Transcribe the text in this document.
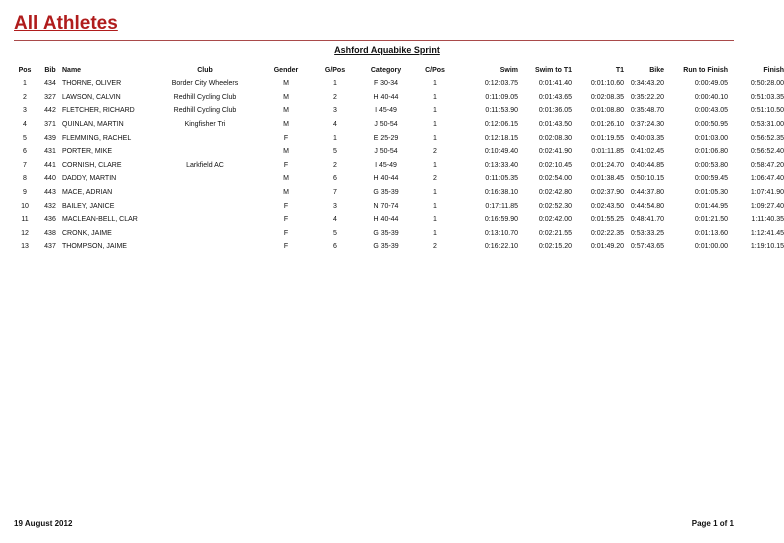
All Athletes
Ashford Aquabike Sprint
Pos	Bib	Name	Club	Gender	G/Pos	Category	C/Pos	Swim	Swim to T1	T1	Bike	Run to Finish	Finish
1	434	THORNE, OLIVER	Border City Wheelers	M	1	F 30-34	1	0:12:03.75	0:01:41.40	0:01:10.60	0:34:43.20	0:00:49.05	0:50:28.00
2	327	LAWSON, CALVIN	Redhill Cycling Club	M	2	H 40-44	1	0:11:09.05	0:01:43.65	0:02:08.35	0:35:22.20	0:00:40.10	0:51:03.35
3	442	FLETCHER, RICHARD	Redhill Cycling Club	M	3	I 45-49	1	0:11:53.90	0:01:36.05	0:01:08.80	0:35:48.70	0:00:43.05	0:51:10.50
4	371	QUINLAN, MARTIN	Kingfisher Tri	M	4	J 50-54	1	0:12:06.15	0:01:43.50	0:01:26.10	0:37:24.30	0:00:50.95	0:53:31.00
5	439	FLEMMING, RACHEL		F	1	E 25-29	1	0:12:18.15	0:02:08.30	0:01:19.55	0:40:03.35	0:01:03.00	0:56:52.35
6	431	PORTER, MIKE		M	5	J 50-54	2	0:10:49.40	0:02:41.90	0:01:11.85	0:41:02.45	0:01:06.80	0:56:52.40
7	441	CORNISH, CLARE	Larkfield AC	F	2	I 45-49	1	0:13:33.40	0:02:10.45	0:01:24.70	0:40:44.85	0:00:53.80	0:58:47.20
8	440	DADDY, MARTIN		M	6	H 40-44	2	0:11:05.35	0:02:54.00	0:01:38.45	0:50:10.15	0:00:59.45	1:06:47.40
9	443	MACE, ADRIAN		M	7	G 35-39	1	0:16:38.10	0:02:42.80	0:02:37.90	0:44:37.80	0:01:05.30	1:07:41.90
10	432	BAILEY, JANICE		F	3	N 70-74	1	0:17:11.85	0:02:52.30	0:02:43.50	0:44:54.80	0:01:44.95	1:09:27.40
11	436	MACLEAN-BELL, CLAR		F	4	H 40-44	1	0:16:59.90	0:02:42.00	0:01:55.25	0:48:41.70	0:01:21.50	1:11:40.35
12	438	CRONK, JAIME		F	5	G 35-39	1	0:13:10.70	0:02:21.55	0:02:22.35	0:53:33.25	0:01:13.60	1:12:41.45
13	437	THOMPSON, JAIME		F	6	G 35-39	2	0:16:22.10	0:02:15.20	0:01:49.20	0:57:43.65	0:01:00.00	1:19:10.15
19 August 2012	Page 1 of 1
